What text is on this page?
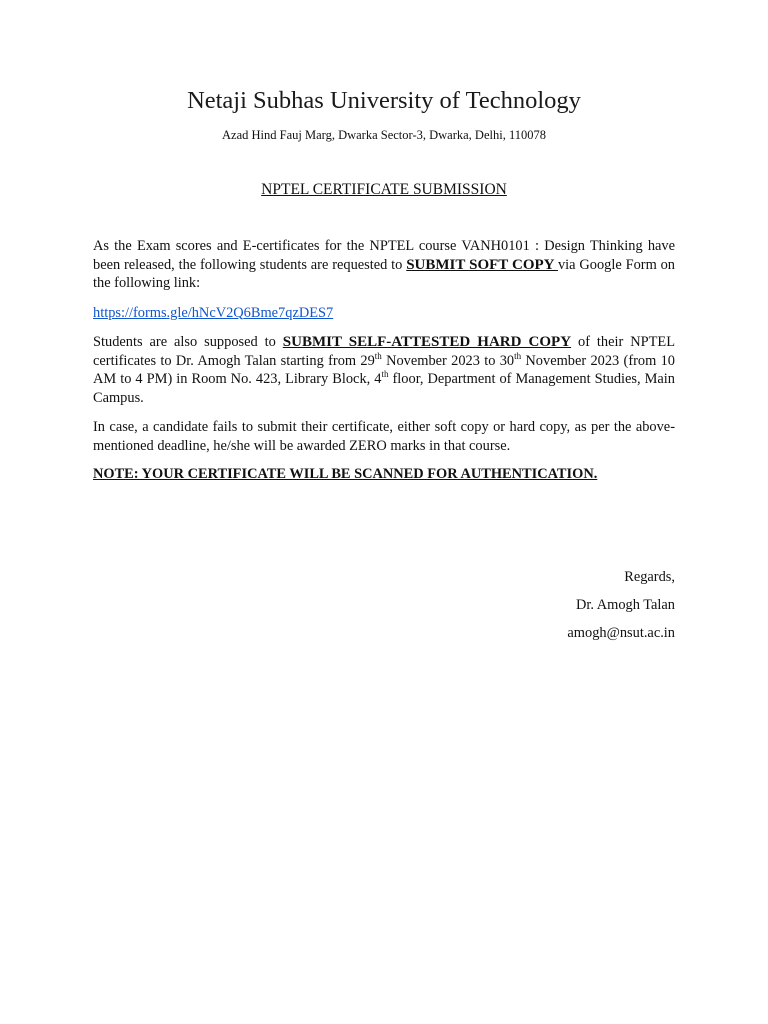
Netaji Subhas University of Technology
Azad Hind Fauj Marg, Dwarka Sector-3, Dwarka, Delhi, 110078
NPTEL CERTIFICATE SUBMISSION

As the Exam scores and E-certificates for the NPTEL course VANH0101 : Design Thinking have been released, the following students are requested to SUBMIT SOFT COPY via Google Form on the following link:

https://forms.gle/hNcV2Q6Bme7qzDES7

Students are also supposed to SUBMIT SELF-ATTESTED HARD COPY of their NPTEL certificates to Dr. Amogh Talan starting from 29th November 2023 to 30th November 2023 (from 10 AM to 4 PM) in Room No. 423, Library Block, 4th floor, Department of Management Studies, Main Campus.

In case, a candidate fails to submit their certificate, either soft copy or hard copy, as per the above-mentioned deadline, he/she will be awarded ZERO marks in that course.

NOTE: YOUR CERTIFICATE WILL BE SCANNED FOR AUTHENTICATION.

Regards,
Dr. Amogh Talan
amogh@nsut.ac.in
